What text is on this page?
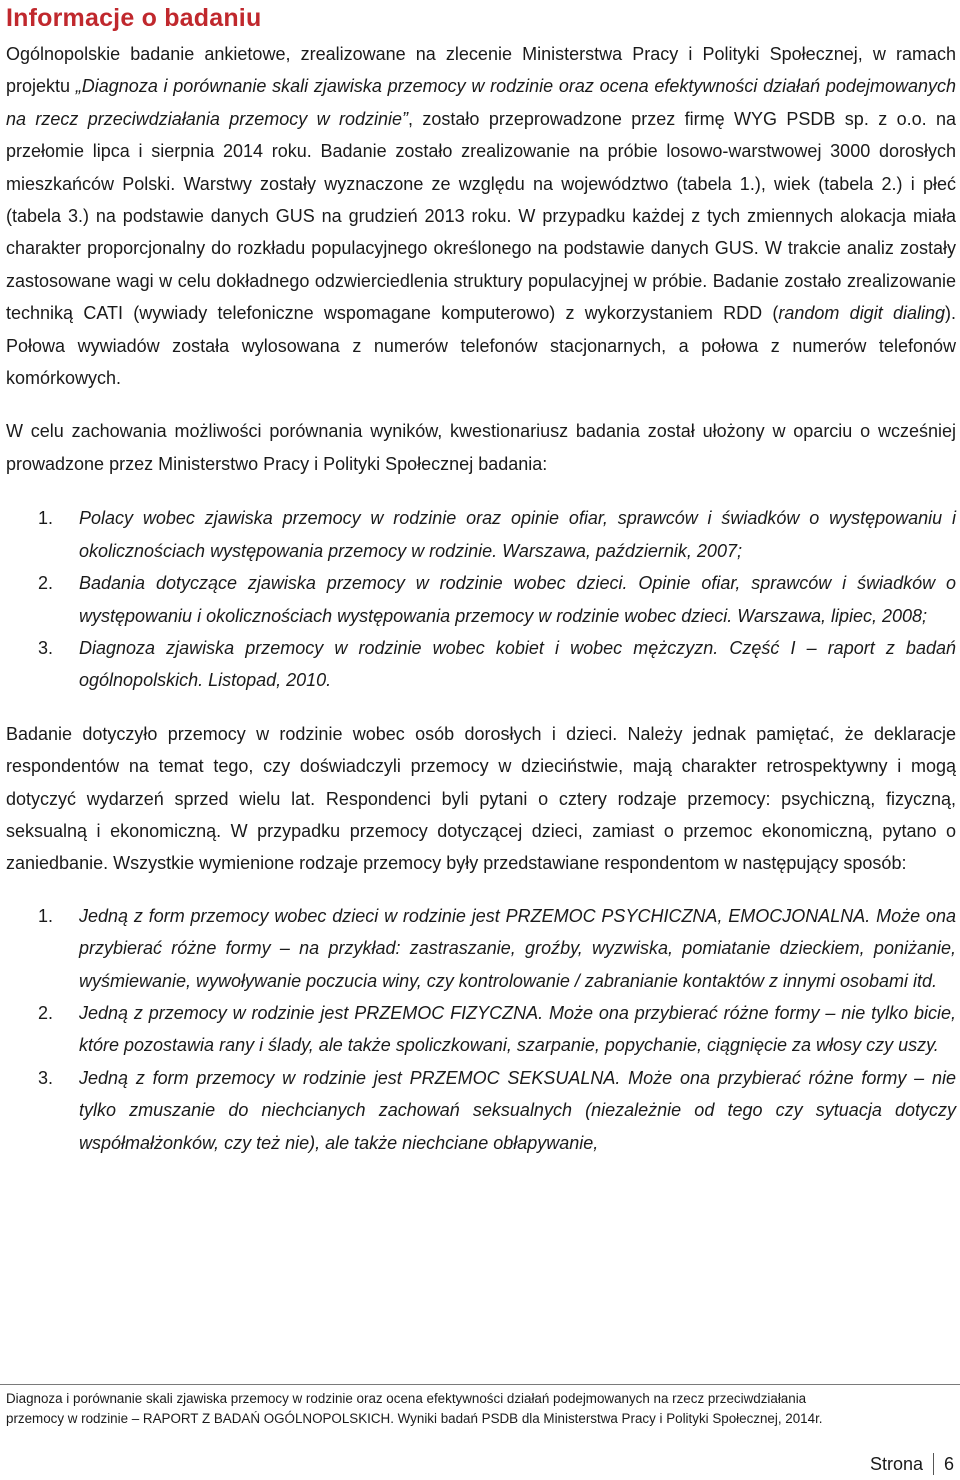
Informacje o badaniu

Ogólnopolskie badanie ankietowe, zrealizowane na zlecenie Ministerstwa Pracy i Polityki Społecznej, w ramach projektu „Diagnoza i porównanie skali zjawiska przemocy w rodzinie oraz ocena efektywności działań podejmowanych na rzecz przeciwdziałania przemocy w rodzinie”, zostało przeprowadzone przez firmę WYG PSDB sp. z o.o. na przełomie lipca i sierpnia 2014 roku. Badanie zostało zrealizowanie na próbie losowo-warstwowej 3000 dorosłych mieszkańców Polski. Warstwy zostały wyznaczone ze względu na województwo (tabela 1.), wiek (tabela 2.) i płeć (tabela 3.) na podstawie danych GUS na grudzień 2013 roku. W przypadku każdej z tych zmiennych alokacja miała charakter proporcjonalny do rozkładu populacyjnego określonego na podstawie danych GUS. W trakcie analiz zostały zastosowane wagi w celu dokładnego odzwierciedlenia struktury populacyjnej w próbie. Badanie zostało zrealizowanie techniką CATI (wywiady telefoniczne wspomagane komputerowo) z wykorzystaniem RDD (random digit dialing). Połowa wywiadów została wylosowana z numerów telefonów stacjonarnych, a połowa z numerów telefonów komórkowych.

W celu zachowania możliwości porównania wyników, kwestionariusz badania został ułożony w oparciu o wcześniej prowadzone przez Ministerstwo Pracy i Polityki Społecznej badania:

1. Polacy wobec zjawiska przemocy w rodzinie oraz opinie ofiar, sprawców i świadków o występowaniu i okolicznościach występowania przemocy w rodzinie. Warszawa, październik, 2007;
2. Badania dotyczące zjawiska przemocy w rodzinie wobec dzieci. Opinie ofiar, sprawców i świadków o występowaniu i okolicznościach występowania przemocy w rodzinie wobec dzieci. Warszawa, lipiec, 2008;
3. Diagnoza zjawiska przemocy w rodzinie wobec kobiet i wobec mężczyzn. Część I – raport z badań ogólnopolskich. Listopad, 2010.

Badanie dotyczyło przemocy w rodzinie wobec osób dorosłych i dzieci. Należy jednak pamiętać, że deklaracje respondentów na temat tego, czy doświadczyli przemocy w dzieciństwie, mają charakter retrospektywny i mogą dotyczyć wydarzeń sprzed wielu lat. Respondenci byli pytani o cztery rodzaje przemocy: psychiczną, fizyczną, seksualną i ekonomiczną. W przypadku przemocy dotyczącej dzieci, zamiast o przemoc ekonomiczną, pytano o zaniedbanie. Wszystkie wymienione rodzaje przemocy były przedstawiane respondentom w następujący sposób:

1. Jedną z form przemocy wobec dzieci w rodzinie jest PRZEMOC PSYCHICZNA, EMOCJONALNA. Może ona przybierać różne formy – na przykład: zastraszanie, groźby, wyzwiska, pomiatanie dzieckiem, poniżanie, wyśmiewanie, wywoływanie poczucia winy, czy kontrolowanie / zabranianie kontaktów z innymi osobami itd.
2. Jedną z przemocy w rodzinie jest PRZEMOC FIZYCZNA. Może ona przybierać różne formy – nie tylko bicie, które pozostawia rany i ślady, ale także spoliczkowani, szarpanie, popychanie, ciągnięcie za włosy czy uszy.
3. Jedną z form przemocy w rodzinie jest PRZEMOC SEKSUALNA. Może ona przybierać różne formy – nie tylko zmuszanie do niechcianych zachowań seksualnych (niezależnie od tego czy sytuacja dotyczy współmałżonków, czy też nie), ale także niechciane obłapywanie,
Diagnoza i porównanie skali zjawiska przemocy w rodzinie oraz ocena efektywności działań podejmowanych na rzecz przeciwdziałania
przemocy w rodzinie – RAPORT Z BADAŃ OGÓLNOPOLSKICH. Wyniki badań PSDB dla Ministerstwa Pracy i Polityki Społecznej, 2014r.
Strona 6
